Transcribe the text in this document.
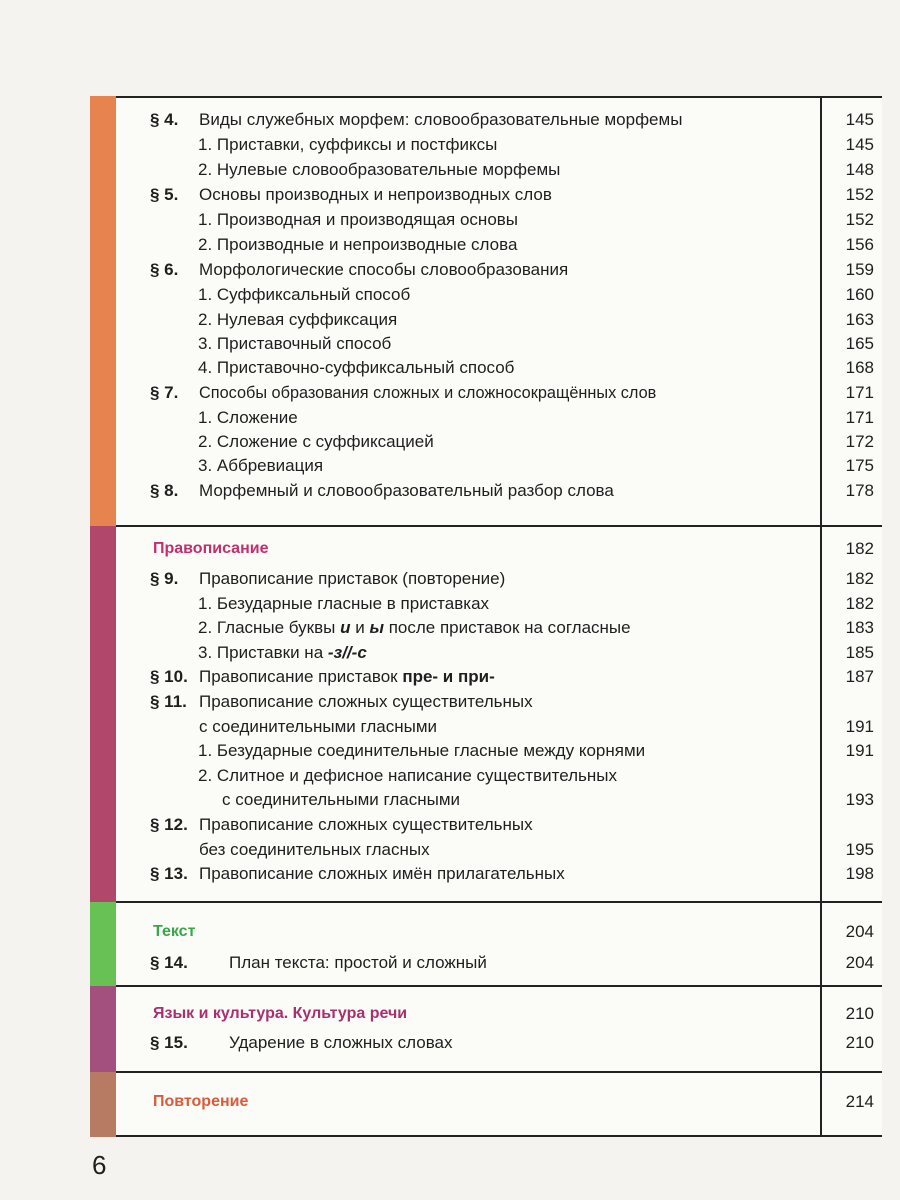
§ 4.	Виды служебных морфем: словообразовательные морфемы	145
1. Приставки, суффиксы и постфиксы	145
2. Нулевые словообразовательные морфемы	148
§ 5.	Основы производных и непроизводных слов	152
1. Производная и производящая основы	152
2. Производные и непроизводные слова	156
§ 6.	Морфологические способы словообразования	159
1. Суффиксальный способ	160
2. Нулевая суффиксация	163
3. Приставочный способ	165
4. Приставочно-суффиксальный способ	168
§ 7.	Способы образования сложных и сложносокращённых слов	171
1. Сложение	171
2. Сложение с суффиксацией	172
3. Аббревиация	175
§ 8.	Морфемный и словообразовательный разбор слова	178
Правописание	182
§ 9.	Правописание приставок (повторение)	182
1. Безударные гласные в приставках	182
2. Гласные буквы и и ы после приставок на согласные	183
3. Приставки на -з//-с	185
§ 10. Правописание приставок пре- и при-	187
§ 11. Правописание сложных существительных
с соединительными гласными	191
1. Безударные соединительные гласные между корнями	191
2. Слитное и дефисное написание существительных
с соединительными гласными	193
§ 12. Правописание сложных существительных
без соединительных гласных	195
§ 13. Правописание сложных имён прилагательных	198
Текст	204
§ 14.	План текста: простой и сложный	204
Язык и культура. Культура речи	210
§ 15.	Ударение в сложных словах	210
Повторение	214
6
